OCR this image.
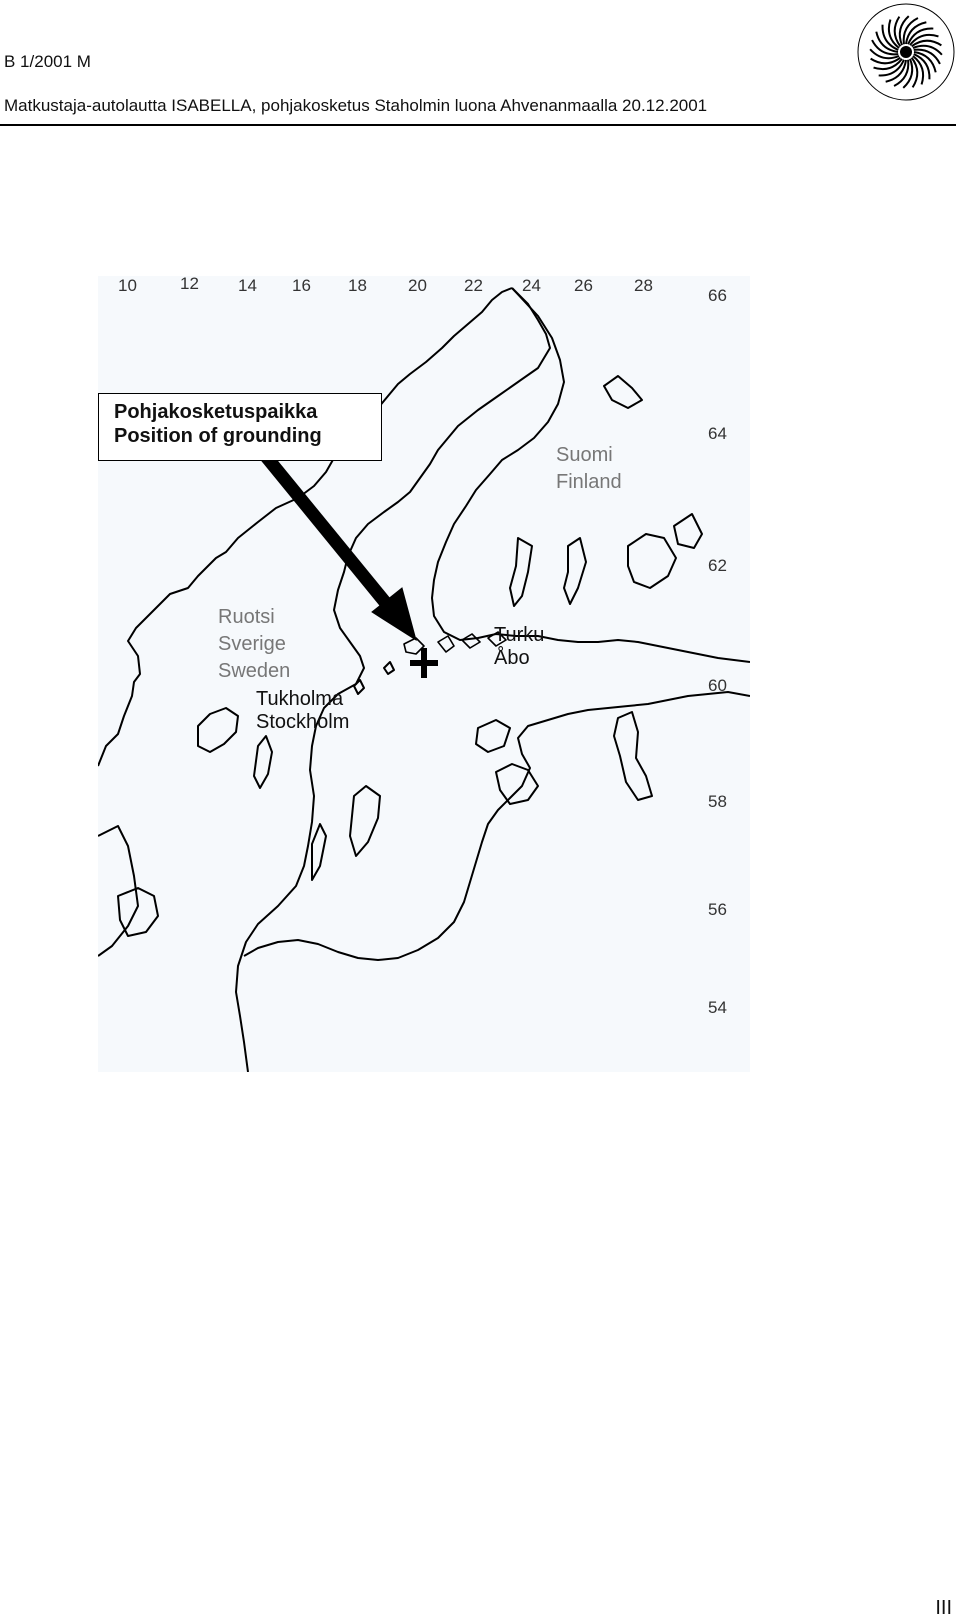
B 1/2001 M
Matkustaja-autolautta ISABELLA, pohjakosketus Staholmin luona Ahvenanmaalla 20.12.2001
10	12 14 16 18 20 22 24 26 28
66
64
62
60
58
56
54
Ruotsi
Sverige
Sweden
Suomi
Finland
Tukholma
Stockholm
Turku
Åbo
Pohjakosketuspaikka
Position of grounding
III
